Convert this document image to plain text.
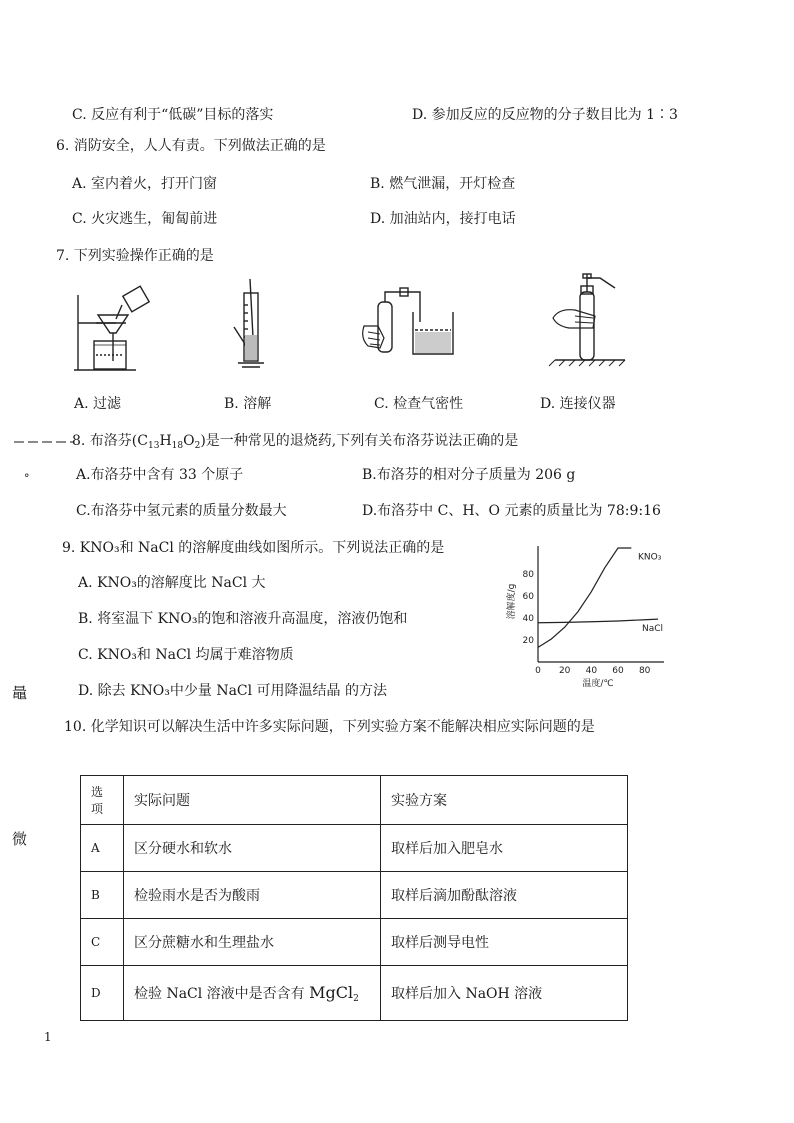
C. 反应有利于“低碳”目标的落实	D. 参加反应的反应物的分子数目比为 1∶3
6. 消防安全，人人有责。下列做法正确的是
A. 室内着火，打开门窗	B. 燃气泄漏，开灯检查
C. 火灾逃生，匍匐前进	D. 加油站内，接打电话
7. 下列实验操作正确的是
A. 过滤	B. 溶解	C. 检查气密性	D. 连接仪器
8. 布洛芬$(C_{13}H_{18}O_2)$是一种常见的退烧药,下列有关布洛芬说法正确的是
°	A.布洛芬中含有 33 个原子	B.布洛芬的相对分子质量为 206 g
C.布洛芬中氢元素的质量分数最大	D.布洛芬中 C、H、O 元素的质量比为 78:9:16
9. KNO₃和 NaCl 的溶解度曲线如图所示。下列说法正确的是
A. KNO₃的溶解度比 NaCl 大
B. 将室温下 KNO₃的饱和溶液升高温度，溶液仍饱和
C. KNO₃和 NaCl 均属于难溶物质
D. 除去 KNO₃中少量 NaCl 可用降温结晶 的方法
0 20 40 60 80
20
40
60
80
温度/℃
溶解度/g
KNO₃
NaCl
鼂
微
10. 化学知识可以解决生活中许多实际问题，下列实验方案不能解决相应实际问题的是
选项	实际问题	实验方案
A	区分硬水和软水	取样后加入肥皂水
B	检验雨水是否为酸雨	取样后滴加酚酞溶液
C	区分蔗糖水和生理盐水	取样后测导电性
D	检验 NaCl 溶液中是否含有 MgCl$_2$	取样后加入 NaOH 溶液
1
